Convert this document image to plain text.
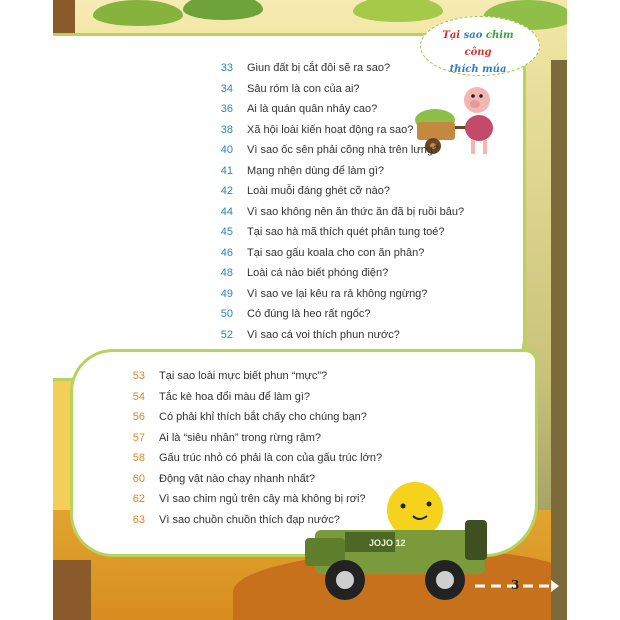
Tại sao chim công
thích múa
33 Giun đất bị cắt đôi sẽ ra sao?
34 Sâu róm là con của ai?
36 Ai là quán quân nhảy cao?
38 Xã hội loài kiến hoạt động ra sao?
40 Vì sao ốc sên phải cõng nhà trên lưng?
41 Mạng nhện dùng để làm gì?
42 Loài muỗi đáng ghét cỡ nào?
44 Vì sao không nên ăn thức ăn đã bị ruồi bâu?
45 Tại sao hà mã thích quét phân tung toé?
46 Tại sao gấu koala cho con ăn phân?
48 Loài cá nào biết phóng điện?
49 Vì sao ve lại kêu ra rả không ngừng?
50 Có đúng là heo rất ngốc?
52 Vì sao cá voi thích phun nước?
53 Tại sao loài mực biết phun “mực”?
54 Tắc kè hoa đổi màu để làm gì?
56 Có phải khỉ thích bắt chấy cho chúng bạn?
57 Ai là “siêu nhân” trong rừng rậm?
58 Gấu trúc nhỏ có phải là con của gấu trúc lớn?
60 Động vật nào chạy nhanh nhất?
62 Vì sao chim ngủ trên cây mà không bị rơi?
63 Vì sao chuồn chuồn thích đạp nước?
JOJO 12
3
